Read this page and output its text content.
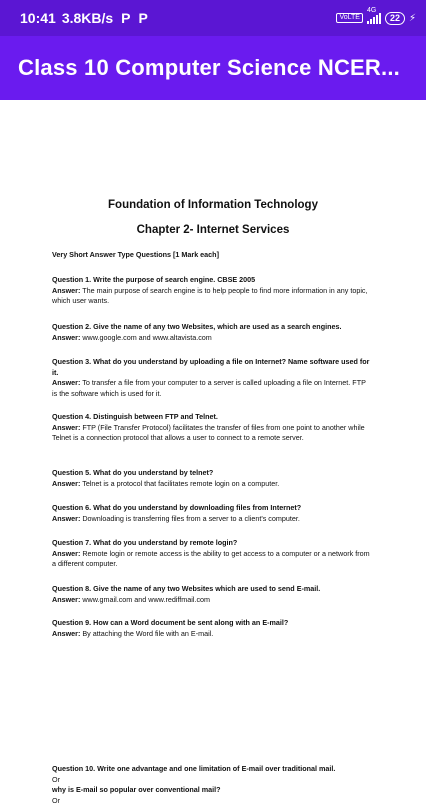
10:41 3.8KB/s P P	VoLTE
4G
22 ⚡
Class 10 Computer Science NCER...
Foundation of Information Technology
Chapter 2- Internet Services
Very Short Answer Type Questions [1 Mark each]
Question 1. Write the purpose of search engine. CBSE 2005
Answer: The main purpose of search engine is to help people to find more information in any topic, which user wants.
Question 2. Give the name of any two Websites, which are used as a search engines.
Answer: www.google.com and www.altavista.com
Question 3. What do you understand by uploading a file on Internet? Name software used for it.
Answer: To transfer a file from your computer to a server is called uploading a file on Internet. FTP is the software which is used for it.
Question 4. Distinguish between FTP and Telnet.
Answer: FTP (File Transfer Protocol) facilitates the transfer of files from one point to another while Telnet is a connection protocol that allows a user to connect to a remote server.
Question 5. What do you understand by telnet?
Answer: Telnet is a protocol that facilitates remote login on a computer.
Question 6. What do you understand by downloading files from Internet?
Answer: Downloading is transferring files from a server to a client's computer.
Question 7. What do you understand by remote login?
Answer: Remote login or remote access is the ability to get access to a computer or a network from a different computer.
Question 8. Give the name of any two Websites which are used to send E-mail.
Answer: www.gmail.com and www.rediffmail.com
Question 9. How can a Word document be sent along with an E-mail?
Answer: By attaching the Word file with an E-mail.
Question 10. Write one advantage and one limitation of E-mail over traditional mail.
Or
why is E-mail so popular over conventional mail?
Or
